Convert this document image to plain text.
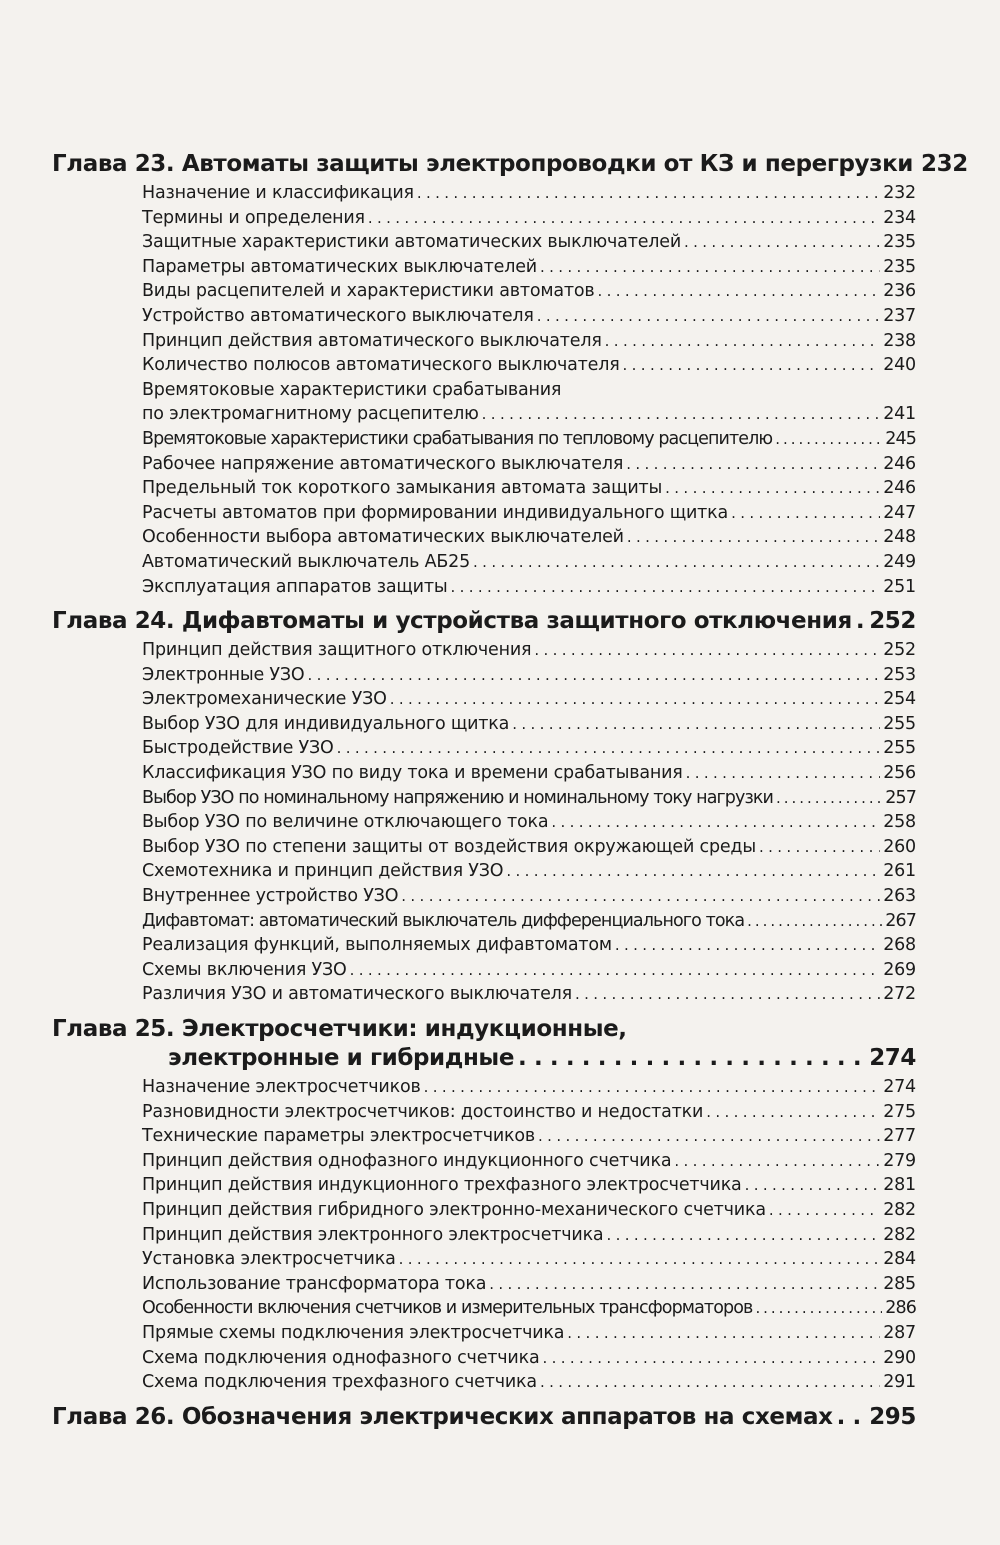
Глава 23. Автоматы защиты электропроводки от КЗ и перегрузки 232
Назначение и классификация . . .	232
Термины и определения . . .	234
Защитные характеристики автоматических выключателей . . .	235
Параметры автоматических выключателей . . .	235
Виды расцепителей и характеристики автоматов . . .	236
Устройство автоматического выключателя . . .	237
Принцип действия автоматического выключателя . . .	238
Количество полюсов автоматического выключателя . . .	240
Времятоковые характеристики срабатывания
по электромагнитному расцепителю . . .	241
Времятоковые характеристики срабатывания по тепловому расцепителю . . .	245
Рабочее напряжение автоматического выключателя . . .	246
Предельный ток короткого замыкания автомата защиты . . .	246
Расчеты автоматов при формировании индивидуального щитка . . .	247
Особенности выбора автоматических выключателей . . .	248
Автоматический выключатель АБ25 . . .	249
Эксплуатация аппаратов защиты . . .	251
Глава 24. Дифавтоматы и устройства защитного отключения . . . 252
Принцип действия защитного отключения . . .	252
Электронные УЗО . . .	253
Электромеханические УЗО . . .	254
Выбор УЗО для индивидуального щитка . . .	255
Быстродействие УЗО . . .	255
Классификация УЗО по виду тока и времени срабатывания . . .	256
Выбор УЗО по номинальному напряжению и номинальному току нагрузки . . .	257
Выбор УЗО по величине отключающего тока . . .	258
Выбор УЗО по степени защиты от воздействия окружающей среды . . .	260
Схемотехника и принцип действия УЗО . . .	261
Внутреннее устройство УЗО . . .	263
Дифавтомат: автоматический выключатель дифференциального тока . . .	267
Реализация функций, выполняемых дифавтоматом . . .	268
Схемы включения УЗО . . .	269
Различия УЗО и автоматического выключателя . . .	272
Глава 25. Электросчетчики: индукционные,
электронные и гибридные . . .	274
Назначение электросчетчиков . . .	274
Разновидности электросчетчиков: достоинство и недостатки . . .	275
Технические параметры электросчетчиков . . .	277
Принцип действия однофазного индукционного счетчика . . .	279
Принцип действия индукционного трехфазного электросчетчика . . .	281
Принцип действия гибридного электронно-механического счетчика . . .	282
Принцип действия электронного электросчетчика . . .	282
Установка электросчетчика . . .	284
Использование трансформатора тока . . .	285
Особенности включения счетчиков и измерительных трансформаторов . . .	286
Прямые схемы подключения электросчетчика . . .	287
Схема подключения однофазного счетчика . . .	290
Схема подключения трехфазного счетчика . . .	291
Глава 26. Обозначения электрических аппаратов на схемах . . . 295
